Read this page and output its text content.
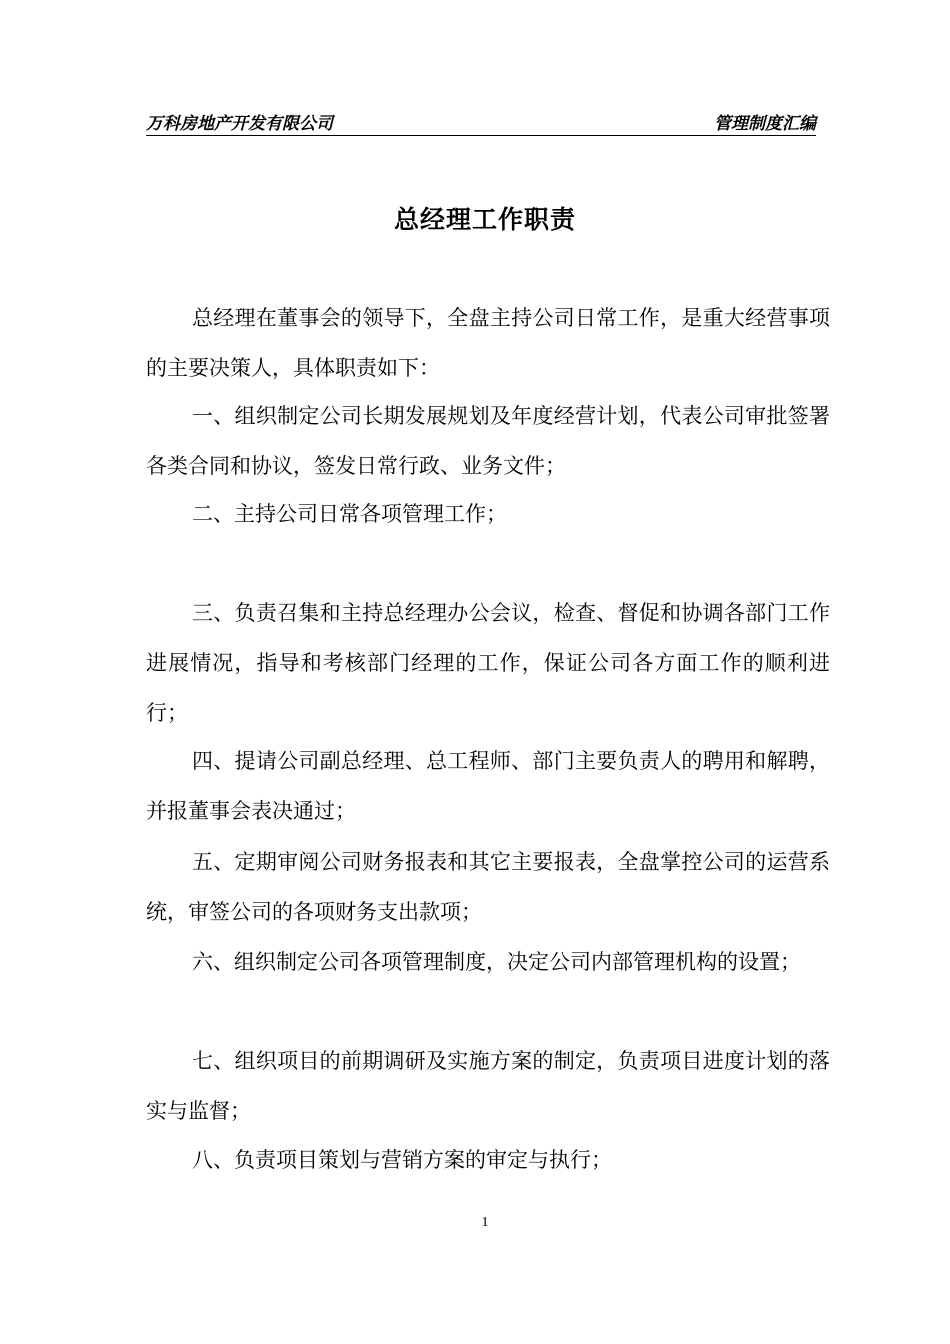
万科房地产开发有限公司	管理制度汇编
总经理工作职责

总经理在董事会的领导下，全盘主持公司日常工作，是重大经营事项的主要决策人，具体职责如下：

一、组织制定公司长期发展规划及年度经营计划，代表公司审批签署各类合同和协议，签发日常行政、业务文件；

二、主持公司日常各项管理工作；

三、负责召集和主持总经理办公会议，检查、督促和协调各部门工作进展情况，指导和考核部门经理的工作，保证公司各方面工作的顺利进行；

四、提请公司副总经理、总工程师、部门主要负责人的聘用和解聘，并报董事会表决通过；

五、定期审阅公司财务报表和其它主要报表，全盘掌控公司的运营系统，审签公司的各项财务支出款项；

六、组织制定公司各项管理制度，决定公司内部管理机构的设置；

七、组织项目的前期调研及实施方案的制定，负责项目进度计划的落实与监督；

八、负责项目策划与营销方案的审定与执行；

1
